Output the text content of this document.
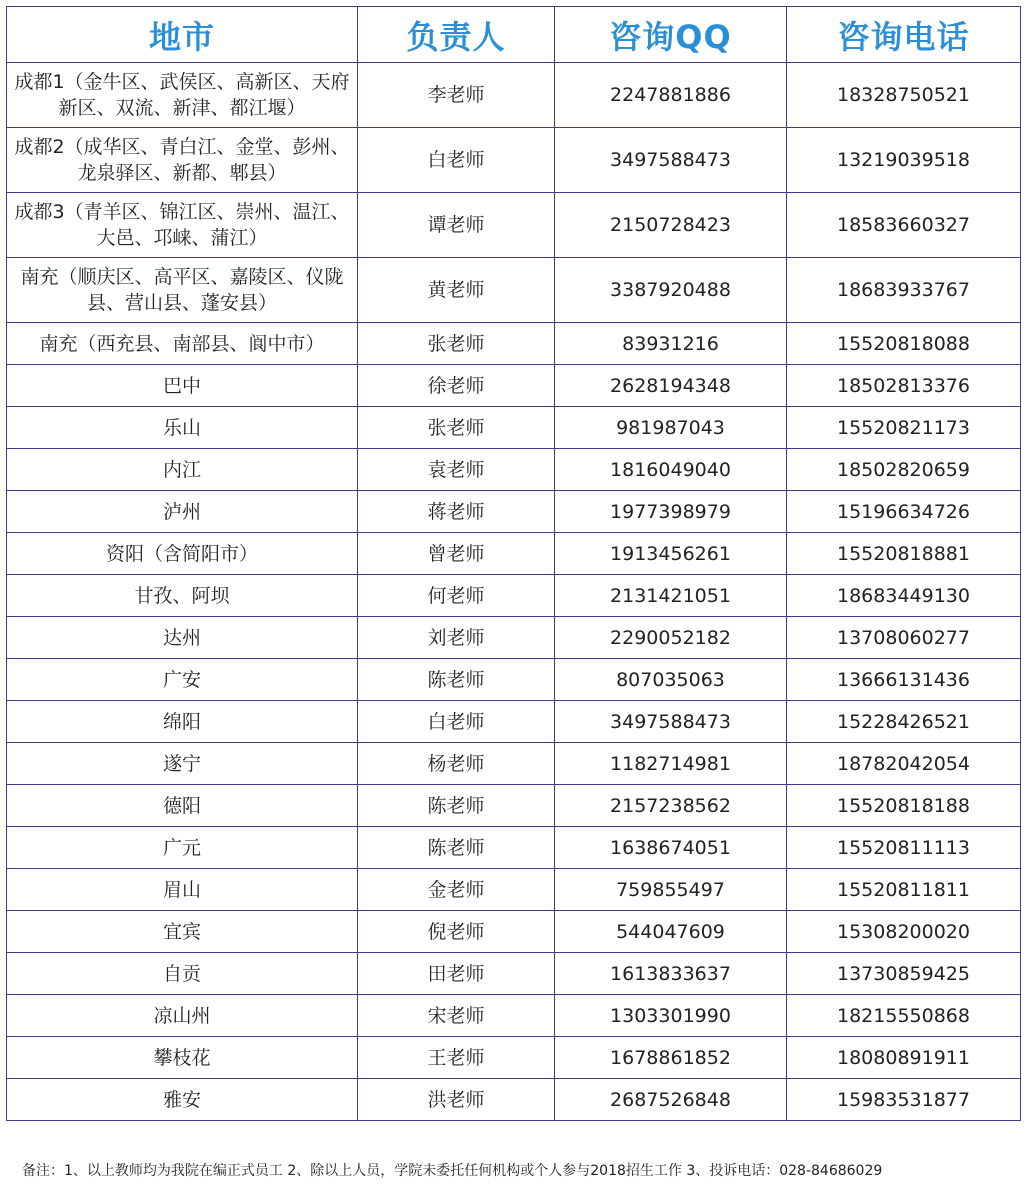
地市	负责人	咨询QQ	咨询电话
成都1（金牛区、武侯区、高新区、天府新区、双流、新津、都江堰）	李老师	2247881886	18328750521
成都2（成华区、青白江、金堂、彭州、龙泉驿区、新都、郫县）	白老师	3497588473	13219039518
成都3（青羊区、锦江区、崇州、温江、大邑、邛崃、蒲江）	谭老师	2150728423	18583660327
南充（顺庆区、高平区、嘉陵区、仪陇县、营山县、蓬安县）	黄老师	3387920488	18683933767
南充（西充县、南部县、阆中市）	张老师	83931216	15520818088
巴中	徐老师	2628194348	18502813376
乐山	张老师	981987043	15520821173
内江	袁老师	1816049040	18502820659
泸州	蒋老师	1977398979	15196634726
资阳（含简阳市）	曾老师	1913456261	15520818881
甘孜、阿坝	何老师	2131421051	18683449130
达州	刘老师	2290052182	13708060277
广安	陈老师	807035063	13666131436
绵阳	白老师	3497588473	15228426521
遂宁	杨老师	1182714981	18782042054
德阳	陈老师	2157238562	15520818188
广元	陈老师	1638674051	15520811113
眉山	金老师	759855497	15520811811
宜宾	倪老师	544047609	15308200020
自贡	田老师	1613833637	13730859425
凉山州	宋老师	1303301990	18215550868
攀枝花	王老师	1678861852	18080891911
雅安	洪老师	2687526848	15983531877
备注：1、以上教师均为我院在编正式员工 2、除以上人员，学院未委托任何机构或个人参与2018招生工作 3、投诉电话：028-84686029
